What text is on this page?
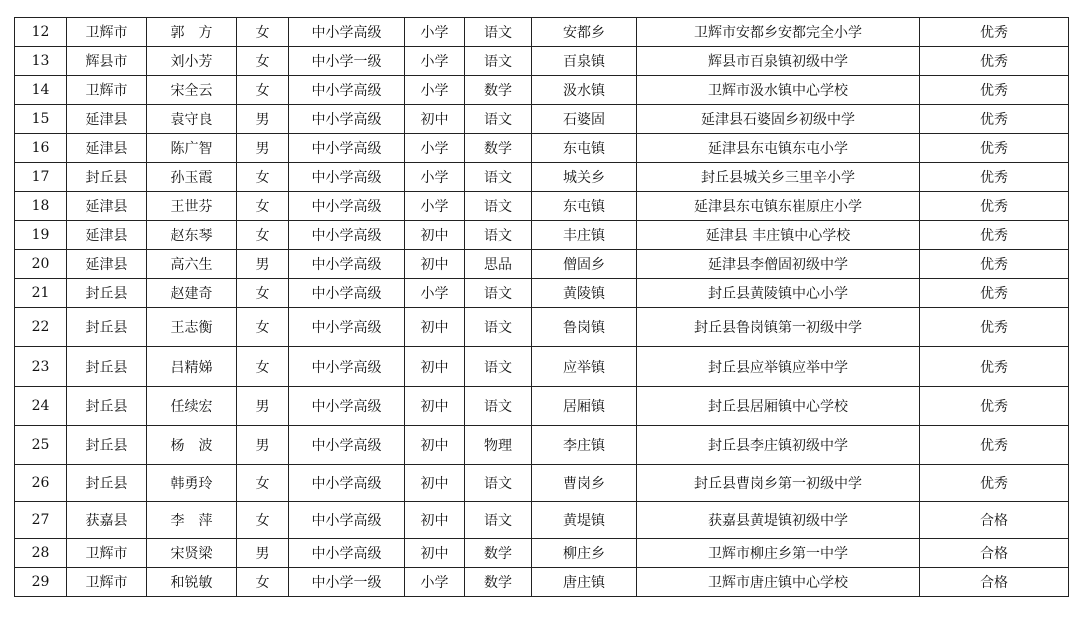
12	卫辉市	郭　方	女	中小学高级	小学	语文	安都乡	卫辉市安都乡安都完全小学	优秀
13	辉县市	刘小芳	女	中小学一级	小学	语文	百泉镇	辉县市百泉镇初级中学	优秀
14	卫辉市	宋全云	女	中小学高级	小学	数学	汲水镇	卫辉市汲水镇中心学校	优秀
15	延津县	袁守良	男	中小学高级	初中	语文	石婆固	延津县石婆固乡初级中学	优秀
16	延津县	陈广智	男	中小学高级	小学	数学	东屯镇	延津县东屯镇东屯小学	优秀
17	封丘县	孙玉霞	女	中小学高级	小学	语文	城关乡	封丘县城关乡三里辛小学	优秀
18	延津县	王世芬	女	中小学高级	小学	语文	东屯镇	延津县东屯镇东崔原庄小学	优秀
19	延津县	赵东琴	女	中小学高级	初中	语文	丰庄镇	延津县 丰庄镇中心学校	优秀
20	延津县	高六生	男	中小学高级	初中	思品	僧固乡	延津县李僧固初级中学	优秀
21	封丘县	赵建奇	女	中小学高级	小学	语文	黄陵镇	封丘县黄陵镇中心小学	优秀
22	封丘县	王志衡	女	中小学高级	初中	语文	鲁岗镇	封丘县鲁岗镇第一初级中学	优秀
23	封丘县	吕精娣	女	中小学高级	初中	语文	应举镇	封丘县应举镇应举中学	优秀
24	封丘县	任续宏	男	中小学高级	初中	语文	居厢镇	封丘县居厢镇中心学校	优秀
25	封丘县	杨　波	男	中小学高级	初中	物理	李庄镇	封丘县李庄镇初级中学	优秀
26	封丘县	韩勇玲	女	中小学高级	初中	语文	曹岗乡	封丘县曹岗乡第一初级中学	优秀
27	获嘉县	李　萍	女	中小学高级	初中	语文	黄堤镇	获嘉县黄堤镇初级中学	合格
28	卫辉市	宋贤梁	男	中小学高级	初中	数学	柳庄乡	卫辉市柳庄乡第一中学	合格
29	卫辉市	和锐敏	女	中小学一级	小学	数学	唐庄镇	卫辉市唐庄镇中心学校	合格
